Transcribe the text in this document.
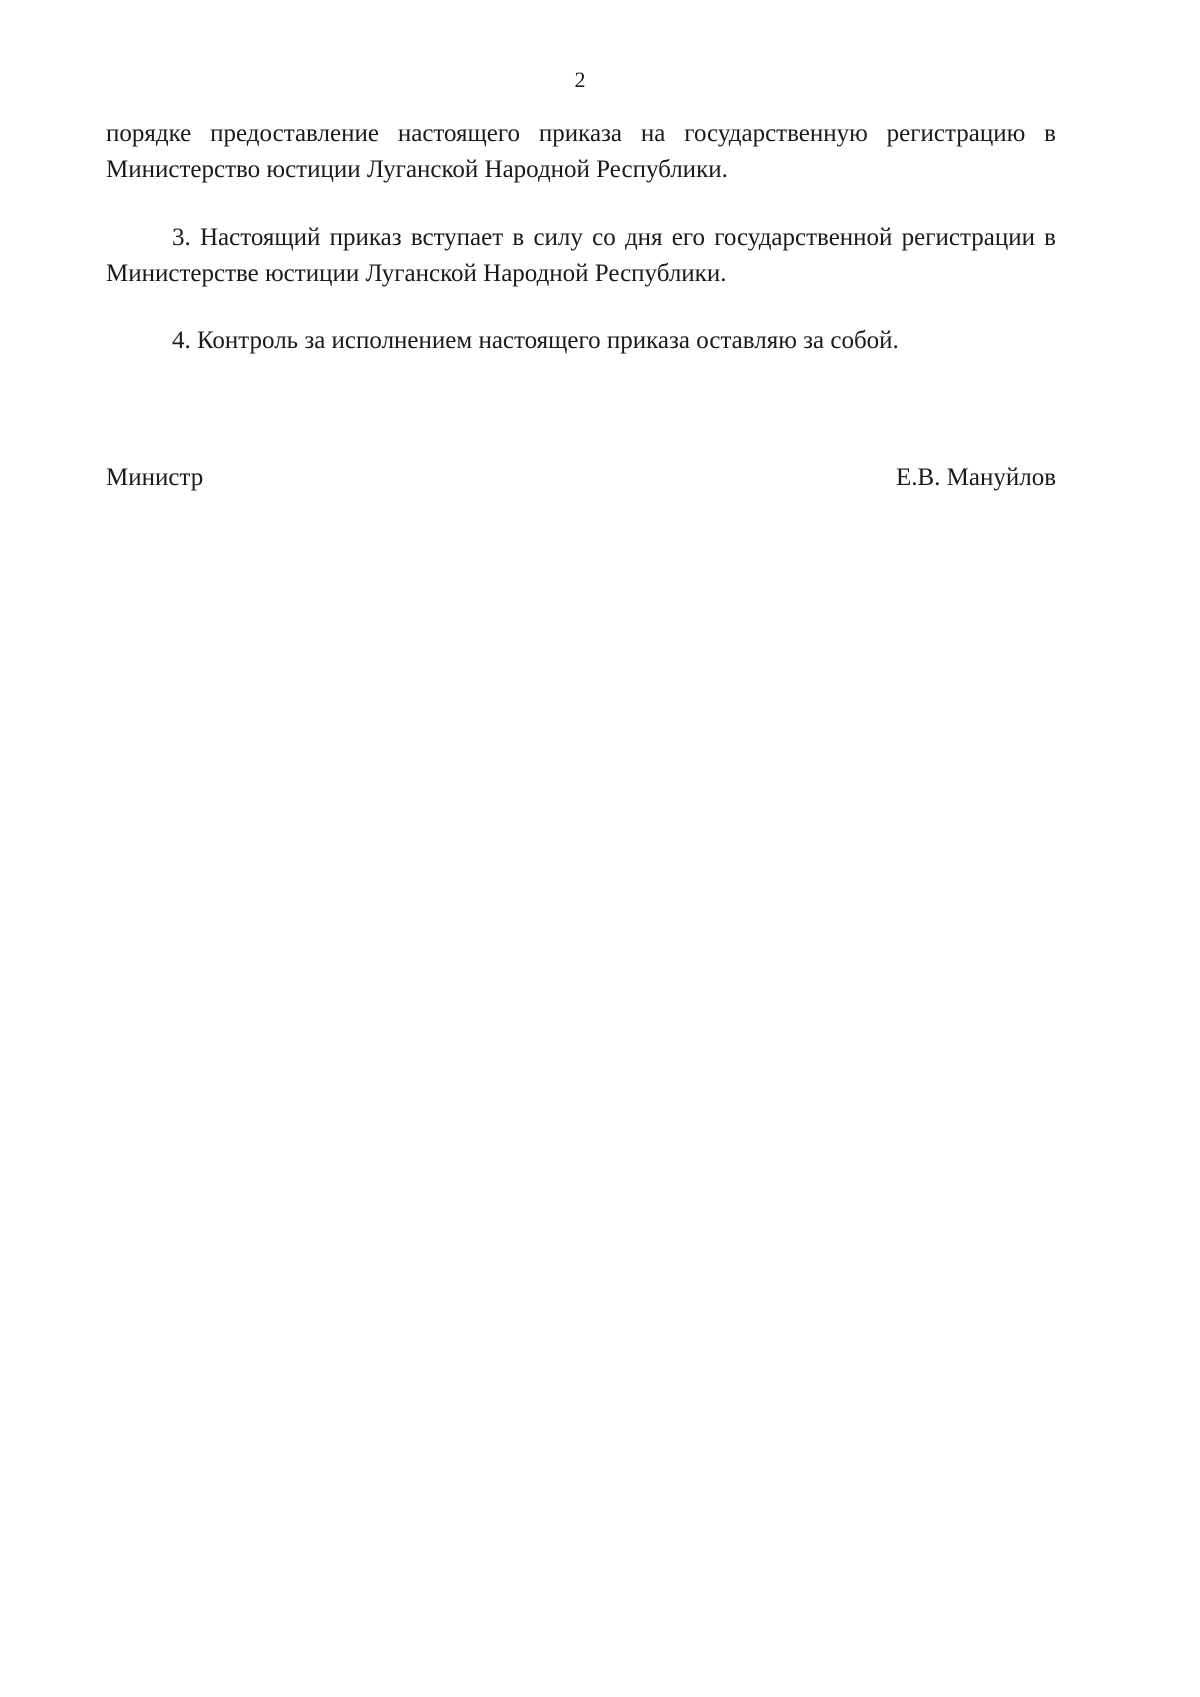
2

порядке предоставление настоящего приказа на государственную регистрацию в Министерство юстиции Луганской Народной Республики.

3. Настоящий приказ вступает в силу со дня его государственной регистрации в Министерстве юстиции Луганской Народной Республики.

4. Контроль за исполнением настоящего приказа оставляю за собой.

Министр	Е.В. Мануйлов
